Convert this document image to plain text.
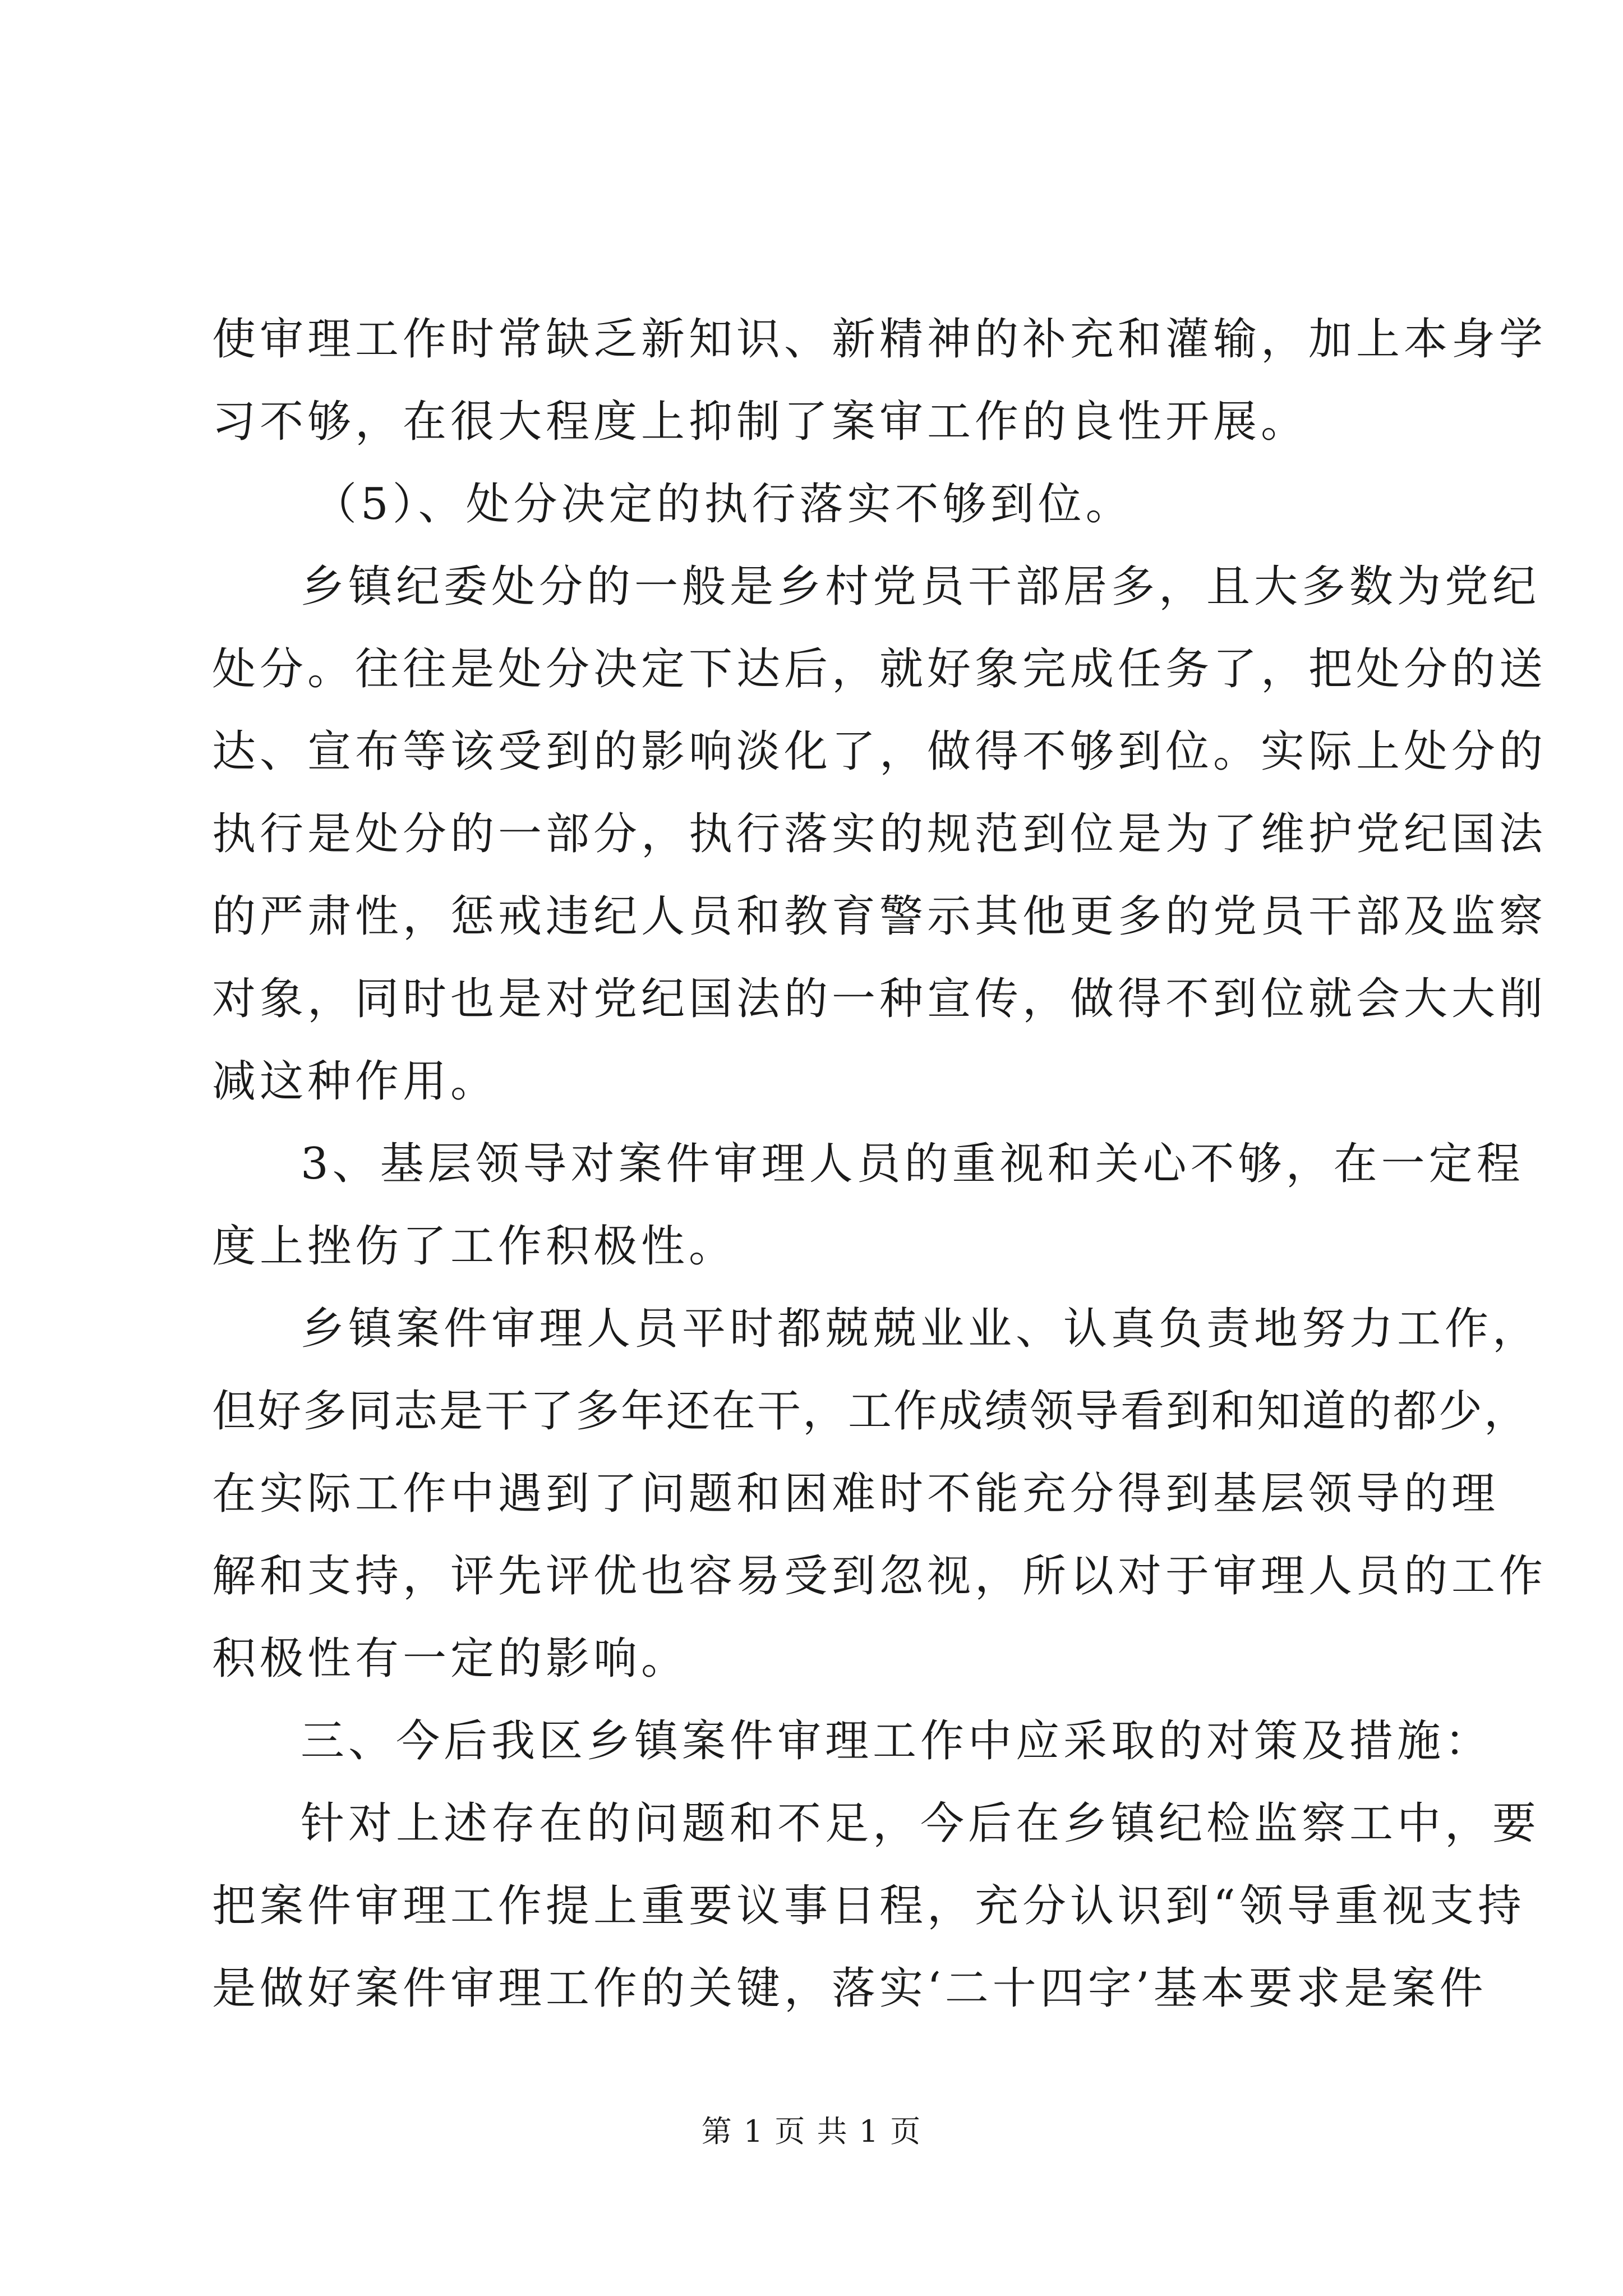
使审理工作时常缺乏新知识、新精神的补充和灌输，加上本身学
习不够，在很大程度上抑制了案审工作的良性开展。
（5）、处分决定的执行落实不够到位。
乡镇纪委处分的一般是乡村党员干部居多，且大多数为党纪
处分。往往是处分决定下达后，就好象完成任务了，把处分的送
达、宣布等该受到的影响淡化了，做得不够到位。实际上处分的
执行是处分的一部分，执行落实的规范到位是为了维护党纪国法
的严肃性，惩戒违纪人员和教育警示其他更多的党员干部及监察
对象，同时也是对党纪国法的一种宣传，做得不到位就会大大削
减这种作用。
3、基层领导对案件审理人员的重视和关心不够，在一定程
度上挫伤了工作积极性。
乡镇案件审理人员平时都兢兢业业、认真负责地努力工作，
但好多同志是干了多年还在干，工作成绩领导看到和知道的都少，
在实际工作中遇到了问题和困难时不能充分得到基层领导的理
解和支持，评先评优也容易受到忽视，所以对于审理人员的工作
积极性有一定的影响。
三、今后我区乡镇案件审理工作中应采取的对策及措施：
针对上述存在的问题和不足，今后在乡镇纪检监察工中，要
把案件审理工作提上重要议事日程，充分认识到“领导重视支持
是做好案件审理工作的关键，落实‘二十四字’基本要求是案件
第 1 页 共 1 页
